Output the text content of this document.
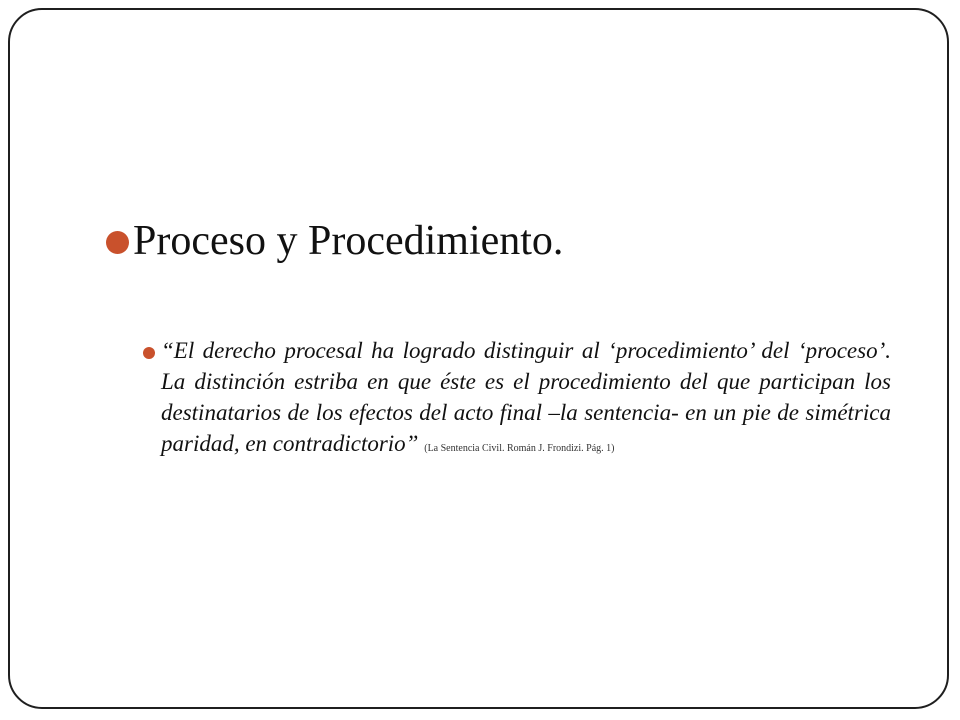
Proceso y Procedimiento.
“El derecho procesal ha logrado distinguir al ‘procedimiento’ del ‘proceso’. La distinción estriba en que éste es el procedimiento del que participan los destinatarios de los efectos del acto final –la sentencia- en un pie de simétrica paridad, en contradictorio” (La Sentencia Civil. Román J. Frondizi. Pág. 1)
